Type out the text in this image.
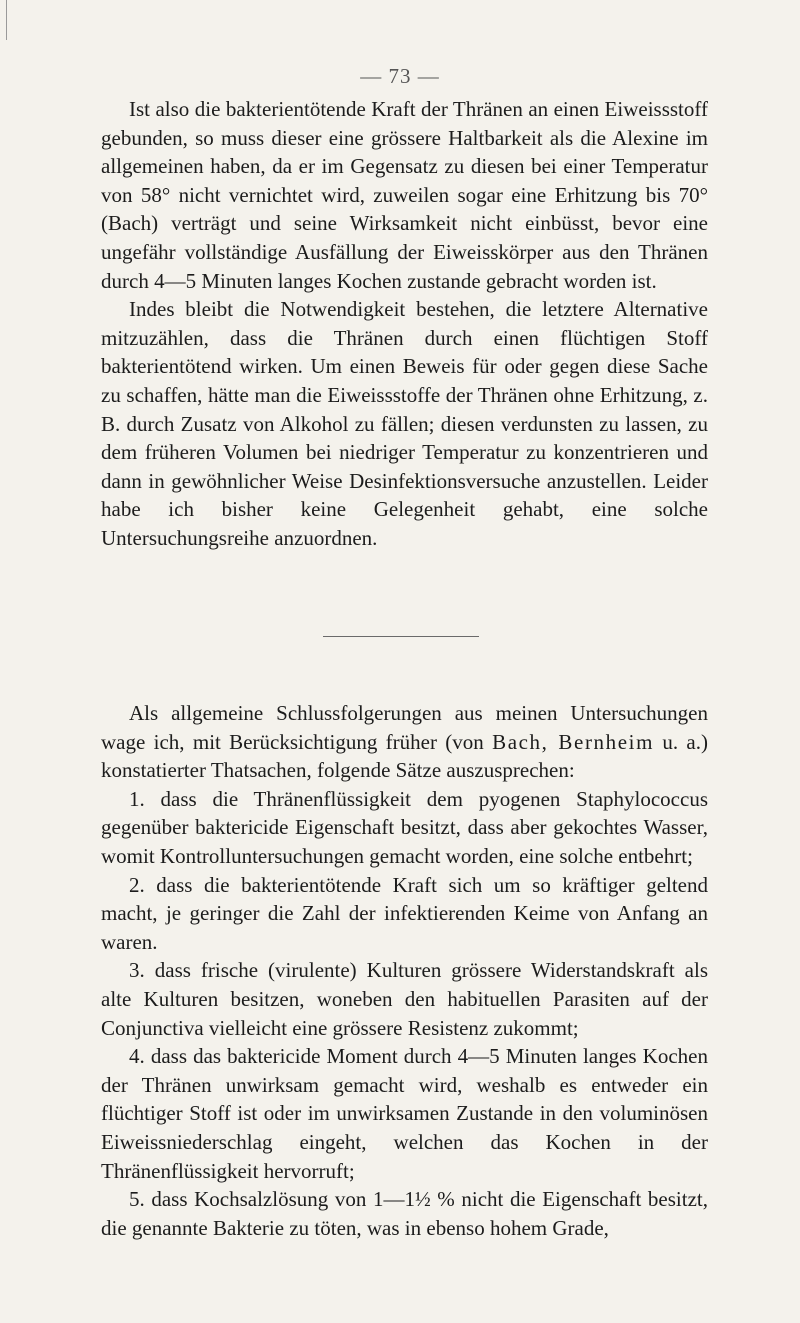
— 73 —

Ist also die bakterientötende Kraft der Thränen an einen Eiweissstoff gebunden, so muss dieser eine grössere Haltbarkeit als die Alexine im allgemeinen haben, da er im Gegensatz zu diesen bei einer Temperatur von 58° nicht vernichtet wird, zuweilen sogar eine Erhitzung bis 70° (Bach) verträgt und seine Wirksamkeit nicht einbüsst, bevor eine ungefähr vollständige Ausfällung der Eiweisskörper aus den Thränen durch 4—5 Minuten langes Kochen zustande gebracht worden ist.

Indes bleibt die Notwendigkeit bestehen, die letztere Alternative mitzuzählen, dass die Thränen durch einen flüchtigen Stoff bakterientötend wirken. Um einen Beweis für oder gegen diese Sache zu schaffen, hätte man die Eiweissstoffe der Thränen ohne Erhitzung, z. B. durch Zusatz von Alkohol zu fällen; diesen verdunsten zu lassen, zu dem früheren Volumen bei niedriger Temperatur zu konzentrieren und dann in gewöhnlicher Weise Desinfektionsversuche anzustellen. Leider habe ich bisher keine Gelegenheit gehabt, eine solche Untersuchungsreihe anzuordnen.

Als allgemeine Schlussfolgerungen aus meinen Untersuchungen wage ich, mit Berücksichtigung früher (von Bach, Bernheim u. a.) konstatierter Thatsachen, folgende Sätze auszusprechen:

1. dass die Thränenflüssigkeit dem pyogenen Staphylococcus gegenüber baktericide Eigenschaft besitzt, dass aber gekochtes Wasser, womit Kontrolluntersuchungen gemacht worden, eine solche entbehrt;

2. dass die bakterientötende Kraft sich um so kräftiger geltend macht, je geringer die Zahl der infektierenden Keime von Anfang an waren.

3. dass frische (virulente) Kulturen grössere Widerstandskraft als alte Kulturen besitzen, woneben den habituellen Parasiten auf der Conjunctiva vielleicht eine grössere Resistenz zukommt;

4. dass das baktericide Moment durch 4—5 Minuten langes Kochen der Thränen unwirksam gemacht wird, weshalb es entweder ein flüchtiger Stoff ist oder im unwirksamen Zustande in den voluminösen Eiweissniederschlag eingeht, welchen das Kochen in der Thränenflüssigkeit hervorruft;

5. dass Kochsalzlösung von 1—1½ % nicht die Eigenschaft besitzt, die genannte Bakterie zu töten, was in ebenso hohem Grade,
